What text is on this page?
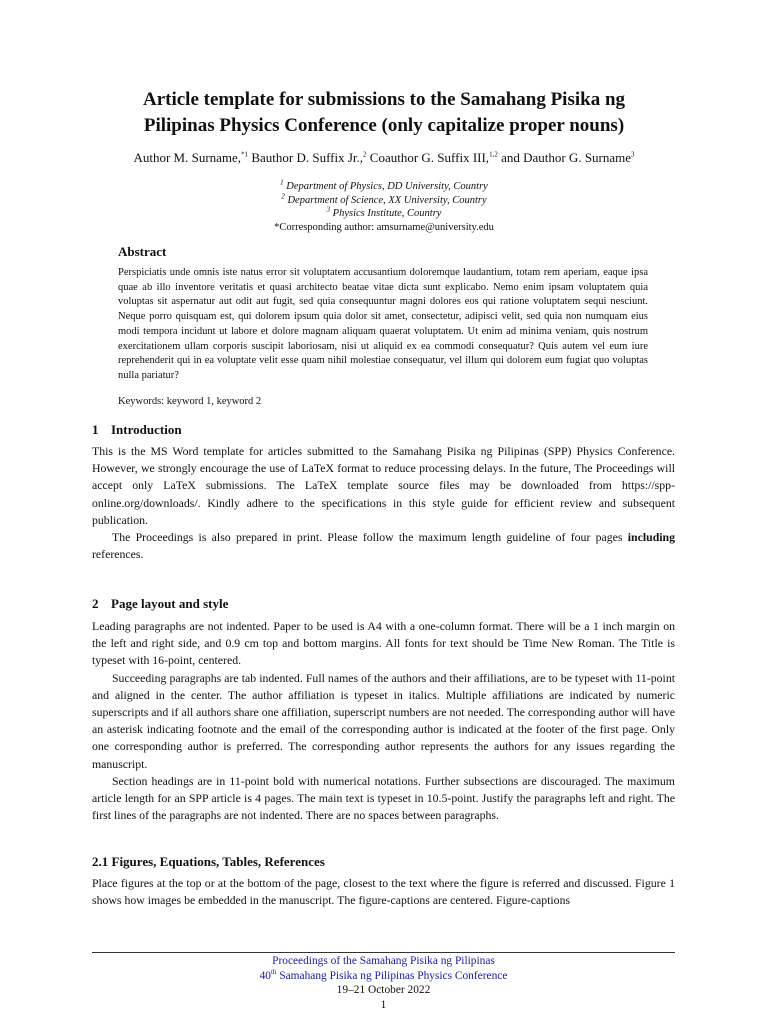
Article template for submissions to the Samahang Pisika ng
Pilipinas Physics Conference (only capitalize proper nouns)
Author M. Surname,$^{*1}$ Bauthor D. Suffix Jr.,$^2$ Coauthor G. Suffix III,$^{1,2}$ and Dauthor G. Surname$^3$
$^1$ Department of Physics, DD University, Country
$^2$ Department of Science, XX University, Country
$^3$ Physics Institute, Country
*Corresponding author: amsurname@university.edu
Abstract

Perspiciatis unde omnis iste natus error sit voluptatem accusantium doloremque laudantium, totam rem aperiam, eaque ipsa quae ab illo inventore veritatis et quasi architecto beatae vitae dicta sunt explicabo. Nemo enim ipsam voluptatem quia voluptas sit aspernatur aut odit aut fugit, sed quia consequuntur magni dolores eos qui ratione voluptatem sequi nesciunt. Neque porro quisquam est, qui dolorem ipsum quia dolor sit amet, consectetur, adipisci velit, sed quia non numquam eius modi tempora incidunt ut labore et dolore magnam aliquam quaerat voluptatem. Ut enim ad minima veniam, quis nostrum exercitationem ullam corporis suscipit laboriosam, nisi ut aliquid ex ea commodi consequatur? Quis autem vel eum iure reprehenderit qui in ea voluptate velit esse quam nihil molestiae consequatur, vel illum qui dolorem eum fugiat quo voluptas nulla pariatur?

Keywords: keyword 1, keyword 2
1 Introduction

This is the MS Word template for articles submitted to the Samahang Pisika ng Pilipinas (SPP) Physics Conference. However, we strongly encourage the use of LaTeX format to reduce processing delays. In the future, The Proceedings will accept only LaTeX submissions. The LaTeX template source files may be downloaded from https://spp-online.org/downloads/. Kindly adhere to the specifications in this style guide for efficient review and subsequent publication.

The Proceedings is also prepared in print. Please follow the maximum length guideline of four pages including references.

2 Page layout and style

Leading paragraphs are not indented. Paper to be used is A4 with a one-column format. There will be a 1 inch margin on the left and right side, and 0.9 cm top and bottom margins. All fonts for text should be Time New Roman. The Title is typeset with 16-point, centered.

Succeeding paragraphs are tab indented. Full names of the authors and their affiliations, are to be typeset with 11-point and aligned in the center. The author affiliation is typeset in italics. Multiple affiliations are indicated by numeric superscripts and if all authors share one affiliation, superscript numbers are not needed. The corresponding author will have an asterisk indicating footnote and the email of the corresponding author is indicated at the footer of the first page. Only one corresponding author is preferred. The corresponding author represents the authors for any issues regarding the manuscript.

Section headings are in 11-point bold with numerical notations. Further subsections are discouraged. The maximum article length for an SPP article is 4 pages. The main text is typeset in 10.5-point. Justify the paragraphs left and right. The first lines of the paragraphs are not indented. There are no spaces between paragraphs.

2.1 Figures, Equations, Tables, References

Place figures at the top or at the bottom of the page, closest to the text where the figure is referred and discussed. Figure 1 shows how images be embedded in the manuscript. The figure-captions are centered. Figure-captions

Proceedings of the Samahang Pisika ng Pilipinas
40th Samahang Pisika ng Pilipinas Physics Conference
19–21 October 2022
1
